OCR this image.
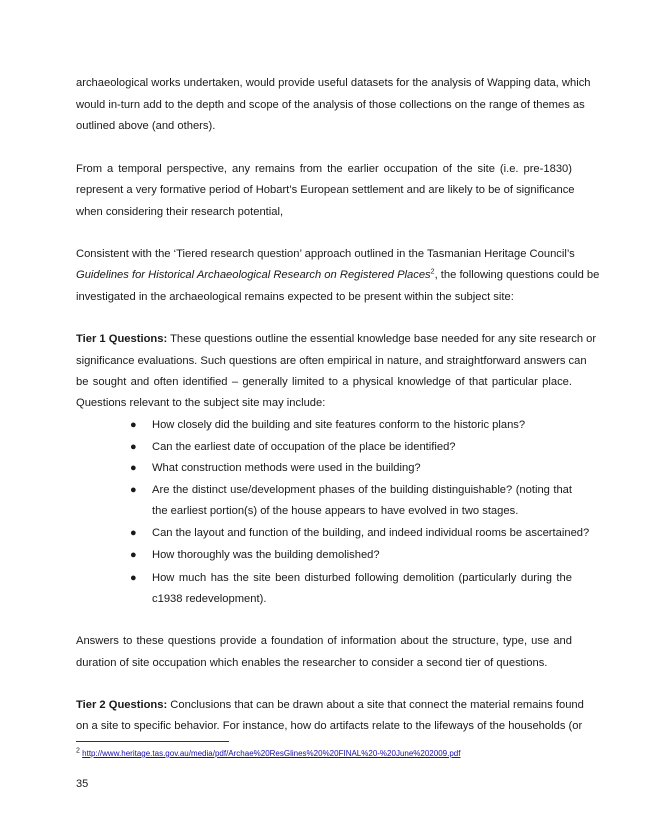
archaeological works undertaken, would provide useful datasets for the analysis of Wapping data, which
would in-turn add to the depth and scope of the analysis of those collections on the range of themes as
outlined above (and others).
From a temporal perspective, any remains from the earlier occupation of the site (i.e. pre-1830)
represent a very formative period of Hobart’s European settlement and are likely to be of significance
when considering their research potential,
Consistent with the ‘Tiered research question’ approach outlined in the Tasmanian Heritage Council’s
Guidelines for Historical Archaeological Research on Registered Places$^2$, the following questions could be
investigated in the archaeological remains expected to be present within the subject site:
Tier 1 Questions: These questions outline the essential knowledge base needed for any site research or
significance evaluations. Such questions are often empirical in nature, and straightforward answers can
be sought and often identified – generally limited to a physical knowledge of that particular place.
Questions relevant to the subject site may include:
● How closely did the building and site features conform to the historic plans?
● Can the earliest date of occupation of the place be identified?
● What construction methods were used in the building?
● Are the distinct use/development phases of the building distinguishable? (noting that
the earliest portion(s) of the house appears to have evolved in two stages.
● Can the layout and function of the building, and indeed individual rooms be ascertained?
● How thoroughly was the building demolished?
● How much has the site been disturbed following demolition (particularly during the
c1938 redevelopment).
Answers to these questions provide a foundation of information about the structure, type, use and
duration of site occupation which enables the researcher to consider a second tier of questions.
Tier 2 Questions: Conclusions that can be drawn about a site that connect the material remains found
on a site to specific behavior. For instance, how do artifacts relate to the lifeways of the households (or
2 http://www.heritage.tas.gov.au/media/pdf/Archae%20ResGlines%20%20FINAL%20-%20June%202009.pdf
35
